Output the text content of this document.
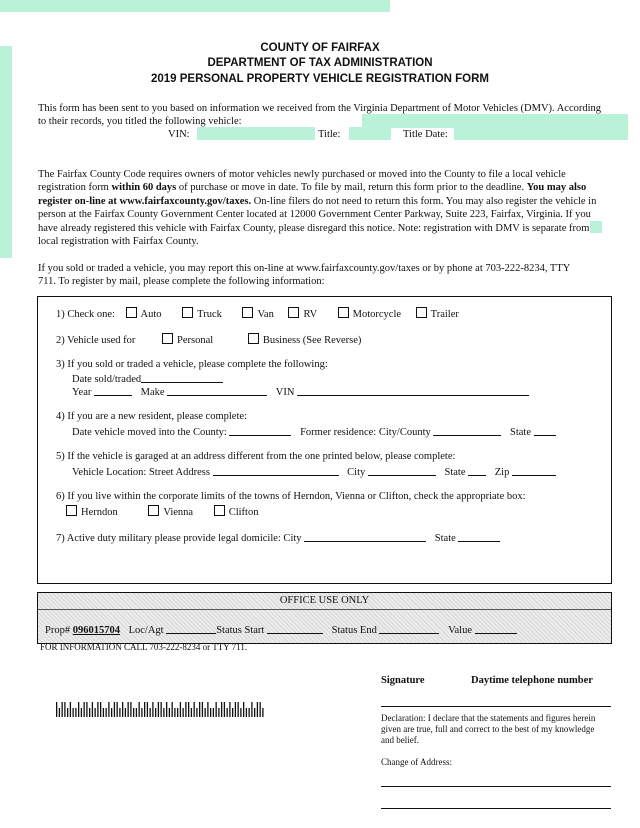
COUNTY OF FAIRFAX
DEPARTMENT OF TAX ADMINISTRATION
2019 PERSONAL PROPERTY VEHICLE REGISTRATION FORM
This form has been sent to you based on information we received from the Virginia Department of Motor Vehicles (DMV). According to their records, you titled the following vehicle:
VIN:	Title:	Title Date:
The Fairfax County Code requires owners of motor vehicles newly purchased or moved into the County to file a local vehicle registration form within 60 days of purchase or move in date. To file by mail, return this form prior to the deadline. You may also register on-line at www.fairfaxcounty.gov/taxes. On-line filers do not need to return this form. You may also register the vehicle in person at the Fairfax County Government Center located at 12000 Government Center Parkway, Suite 223, Fairfax, Virginia. If you have already registered this vehicle with Fairfax County, please disregard this notice. Note: registration with DMV is separate from local registration with Fairfax County.
If you sold or traded a vehicle, you may report this on-line at www.fairfaxcounty.gov/taxes or by phone at 703-222-8234, TTY 711. To register by mail, please complete the following information:
1) Check one: Auto	Truck	Van	RV	Motorcycle	Trailer
2) Vehicle used for	Personal	Business (See Reverse)
3) If you sold or traded a vehicle, please complete the following:
Date sold/traded
Year	Make	VIN
4) If you are a new resident, please complete:
Date vehicle moved into the County:	Former residence: City/County	State
5) If the vehicle is garaged at an address different from the one printed below, please complete:
Vehicle Location: Street Address	City	State	Zip
6) If you live within the corporate limits of the towns of Herndon, Vienna or Clifton, check the appropriate box:
Herndon	Vienna	Clifton
7) Active duty military please provide legal domicile: City	State
OFFICE USE ONLY
Prop# 096015704 Loc/Agt	Status Start	Status End	Value
FOR INFORMATION CALL 703-222-8234 or TTY 711.
Signature	Daytime telephone number
Declaration: I declare that the statements and figures herein given are true, full and correct to the best of my knowledge and belief.
Change of Address:
